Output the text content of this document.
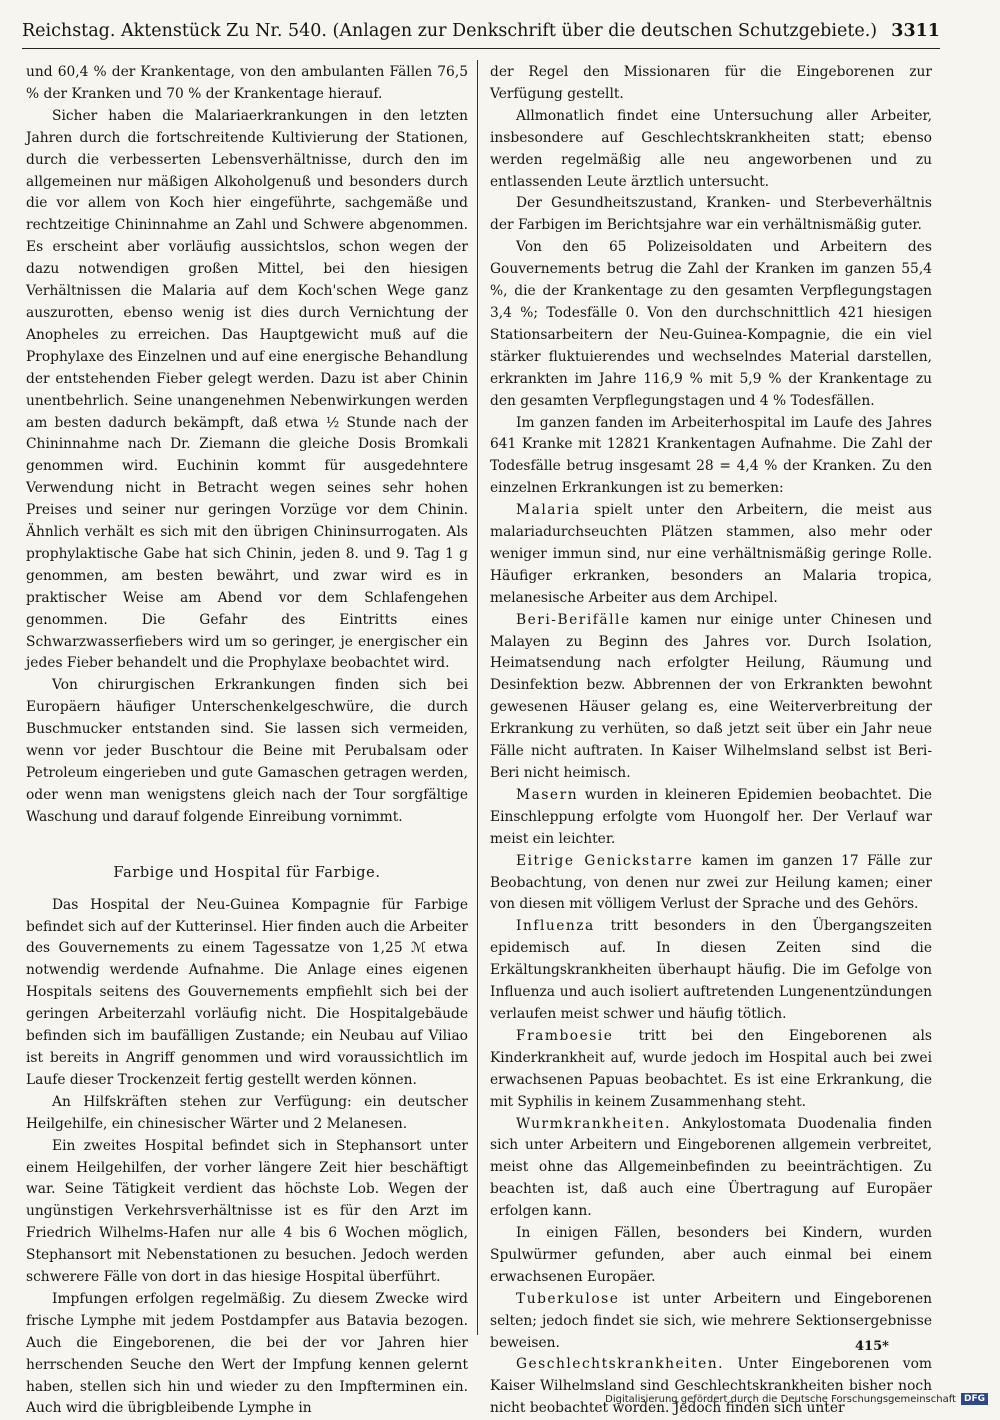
Reichstag. Aktenstück Zu Nr. 540. (Anlagen zur Denkschrift über die deutschen Schutzgebiete.) 3311

und 60,4 % der Krankentage, von den ambulanten Fällen 76,5 % der Kranken und 70 % der Krankentage hierauf.

Sicher haben die Malariaerkrankungen in den letzten Jahren durch die fortschreitende Kultivierung der Stationen, durch die verbesserten Lebensverhältnisse, durch den im allgemeinen nur mäßigen Alkoholgenuß und besonders durch die vor allem von Koch hier eingeführte, sachgemäße und rechtzeitige Chininnahme an Zahl und Schwere abgenommen. Es erscheint aber vorläufig aussichtslos, schon wegen der dazu notwendigen großen Mittel, bei den hiesigen Verhältnissen die Malaria auf dem Koch'schen Wege ganz auszurotten, ebenso wenig ist dies durch Vernichtung der Anopheles zu erreichen. Das Hauptgewicht muß auf die Prophylaxe des Einzelnen und auf eine energische Behandlung der entstehenden Fieber gelegt werden. Dazu ist aber Chinin unentbehrlich. Seine unangenehmen Nebenwirkungen werden am besten dadurch bekämpft, daß etwa ½ Stunde nach der Chininnahme nach Dr. Ziemann die gleiche Dosis Bromkali genommen wird. Euchinin kommt für ausgedehntere Verwendung nicht in Betracht wegen seines sehr hohen Preises und seiner nur geringen Vorzüge vor dem Chinin. Ähnlich verhält es sich mit den übrigen Chininsurrogaten. Als prophylaktische Gabe hat sich Chinin, jeden 8. und 9. Tag 1 g genommen, am besten bewährt, und zwar wird es in praktischer Weise am Abend vor dem Schlafengehen genommen. Die Gefahr des Eintritts eines Schwarzwasserfiebers wird um so geringer, je energischer ein jedes Fieber behandelt und die Prophylaxe beobachtet wird.

Von chirurgischen Erkrankungen finden sich bei Europäern häufiger Unterschenkelgeschwüre, die durch Buschmucker entstanden sind. Sie lassen sich vermeiden, wenn vor jeder Buschtour die Beine mit Perubalsam oder Petroleum eingerieben und gute Gamaschen getragen werden, oder wenn man wenigstens gleich nach der Tour sorgfältige Waschung und darauf folgende Einreibung vornimmt.

Farbige und Hospital für Farbige.

Das Hospital der Neu-Guinea Kompagnie für Farbige befindet sich auf der Kutterinsel. Hier finden auch die Arbeiter des Gouvernements zu einem Tagessatze von 1,25 ℳ etwa notwendig werdende Aufnahme. Die Anlage eines eigenen Hospitals seitens des Gouvernements empfiehlt sich bei der geringen Arbeiterzahl vorläufig nicht. Die Hospitalgebäude befinden sich im baufälligen Zustande; ein Neubau auf Viliao ist bereits in Angriff genommen und wird voraussichtlich im Laufe dieser Trockenzeit fertig gestellt werden können.

An Hilfskräften stehen zur Verfügung: ein deutscher Heilgehilfe, ein chinesischer Wärter und 2 Melanesen.

Ein zweites Hospital befindet sich in Stephansort unter einem Heilgehilfen, der vorher längere Zeit hier beschäftigt war. Seine Tätigkeit verdient das höchste Lob. Wegen der ungünstigen Verkehrsverhältnisse ist es für den Arzt im Friedrich Wilhelms-Hafen nur alle 4 bis 6 Wochen möglich, Stephansort mit Nebenstationen zu besuchen. Jedoch werden schwerere Fälle von dort in das hiesige Hospital überführt.

Impfungen erfolgen regelmäßig. Zu diesem Zwecke wird frische Lymphe mit jedem Postdampfer aus Batavia bezogen. Auch die Eingeborenen, die bei der vor Jahren hier herrschenden Seuche den Wert der Impfung kennen gelernt haben, stellen sich hin und wieder zu den Impfterminen ein. Auch wird die übrigbleibende Lymphe in

der Regel den Missionaren für die Eingeborenen zur Verfügung gestellt.

Allmonatlich findet eine Untersuchung aller Arbeiter, insbesondere auf Geschlechtskrankheiten statt; ebenso werden regelmäßig alle neu angeworbenen und zu entlassenden Leute ärztlich untersucht.

Der Gesundheitszustand, Kranken- und Sterbeverhältnis der Farbigen im Berichtsjahre war ein verhältnismäßig guter.

Von den 65 Polizeisoldaten und Arbeitern des Gouvernements betrug die Zahl der Kranken im ganzen 55,4 %, die der Krankentage zu den gesamten Verpflegungstagen 3,4 %; Todesfälle 0. Von den durchschnittlich 421 hiesigen Stationsarbeitern der Neu-Guinea-Kompagnie, die ein viel stärker fluktuierendes und wechselndes Material darstellen, erkrankten im Jahre 116,9 % mit 5,9 % der Krankentage zu den gesamten Verpflegungstagen und 4 % Todesfällen.

Im ganzen fanden im Arbeiterhospital im Laufe des Jahres 641 Kranke mit 12821 Krankentagen Aufnahme. Die Zahl der Todesfälle betrug insgesamt 28 = 4,4 % der Kranken. Zu den einzelnen Erkrankungen ist zu bemerken:

Malaria spielt unter den Arbeitern, die meist aus malariadurchseuchten Plätzen stammen, also mehr oder weniger immun sind, nur eine verhältnismäßig geringe Rolle. Häufiger erkranken, besonders an Malaria tropica, melanesische Arbeiter aus dem Archipel.

Beri-Berifälle kamen nur einige unter Chinesen und Malayen zu Beginn des Jahres vor. Durch Isolation, Heimatsendung nach erfolgter Heilung, Räumung und Desinfektion bezw. Abbrennen der von Erkrankten bewohnt gewesenen Häuser gelang es, eine Weiterverbreitung der Erkrankung zu verhüten, so daß jetzt seit über ein Jahr neue Fälle nicht auftraten. In Kaiser Wilhelmsland selbst ist Beri-Beri nicht heimisch.

Masern wurden in kleineren Epidemien beobachtet. Die Einschleppung erfolgte vom Huongolf her. Der Verlauf war meist ein leichter.

Eitrige Genickstarre kamen im ganzen 17 Fälle zur Beobachtung, von denen nur zwei zur Heilung kamen; einer von diesen mit völligem Verlust der Sprache und des Gehörs.

Influenza tritt besonders in den Übergangszeiten epidemisch auf. In diesen Zeiten sind die Erkältungskrankheiten überhaupt häufig. Die im Gefolge von Influenza und auch isoliert auftretenden Lungenentzündungen verlaufen meist schwer und häufig tötlich.

Framboesie tritt bei den Eingeborenen als Kinderkrankheit auf, wurde jedoch im Hospital auch bei zwei erwachsenen Papuas beobachtet. Es ist eine Erkrankung, die mit Syphilis in keinem Zusammenhang steht.

Wurmkrankheiten. Ankylostomata Duodenalia finden sich unter Arbeitern und Eingeborenen allgemein verbreitet, meist ohne das Allgemeinbefinden zu beeinträchtigen. Zu beachten ist, daß auch eine Übertragung auf Europäer erfolgen kann.

In einigen Fällen, besonders bei Kindern, wurden Spulwürmer gefunden, aber auch einmal bei einem erwachsenen Europäer.

Tuberkulose ist unter Arbeitern und Eingeborenen selten; jedoch findet sie sich, wie mehrere Sektionsergebnisse beweisen.

Geschlechtskrankheiten. Unter Eingeborenen vom Kaiser Wilhelmsland sind Geschlechtskrankheiten bisher noch nicht beobachtet worden. Jedoch finden sich unter

415*
Digitalisierung gefördert durch die Deutsche Forschungsgemeinschaft DFG
